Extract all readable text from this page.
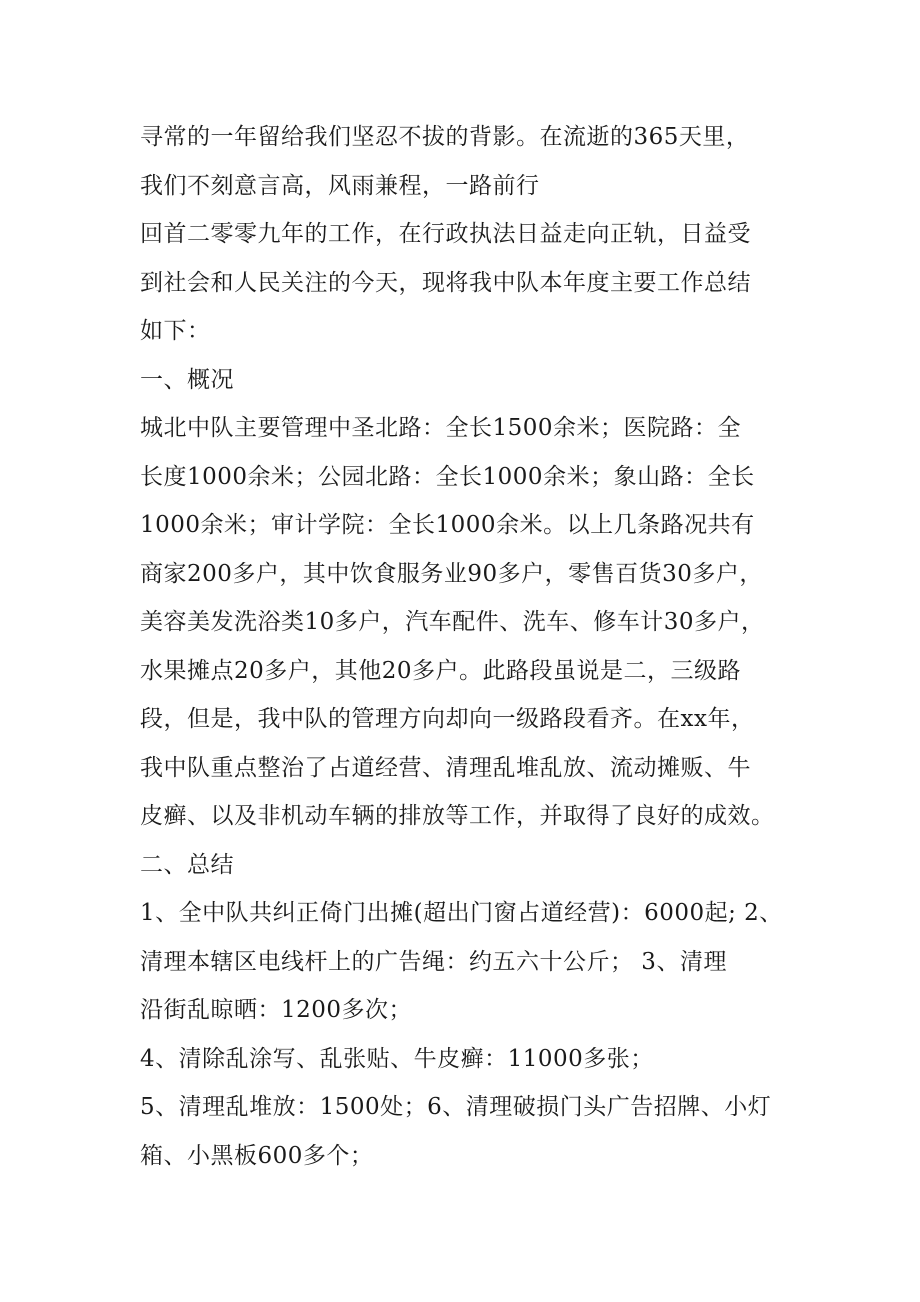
寻常的一年留给我们坚忍不拔的背影。在流逝的365天里，
我们不刻意言高，风雨兼程，一路前行
回首二零零九年的工作，在行政执法日益走向正轨，日益受
到社会和人民关注的今天，现将我中队本年度主要工作总结
如下：
一、概况
城北中队主要管理中圣北路：全长1500余米；医院路：全
长度1000余米；公园北路：全长1000余米；象山路：全长
1000余米；审计学院：全长1000余米。以上几条路况共有
商家200多户，其中饮食服务业90多户，零售百货30多户，
美容美发洗浴类10多户，汽车配件、洗车、修车计30多户，
水果摊点20多户，其他20多户。此路段虽说是二，三级路
段，但是，我中队的管理方向却向一级路段看齐。在xx年，
我中队重点整治了占道经营、清理乱堆乱放、流动摊贩、牛
皮癣、以及非机动车辆的排放等工作，并取得了良好的成效。
二、总结
1、全中队共纠正倚门出摊(超出门窗占道经营)：6000起; 2、
清理本辖区电线杆上的广告绳：约五六十公斤； 3、清理
沿街乱晾晒：1200多次；
4、清除乱涂写、乱张贴、牛皮癣：11000多张；
5、清理乱堆放：1500处；6、清理破损门头广告招牌、小灯
箱、小黑板600多个；
